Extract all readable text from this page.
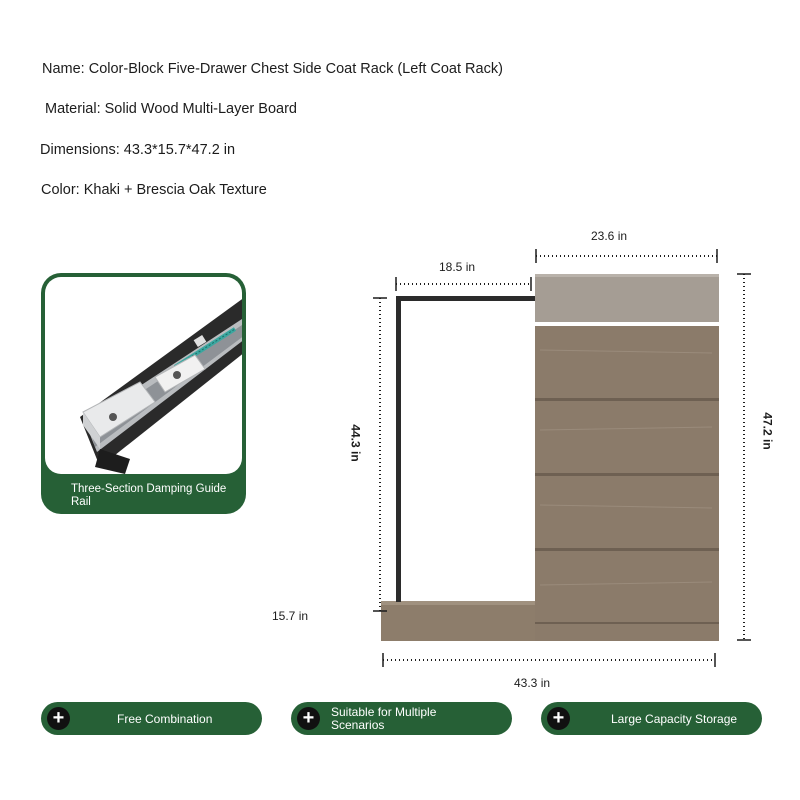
Name: Color-Block Five-Drawer Chest Side Coat Rack (Left Coat Rack)
Material: Solid Wood Multi-Layer Board
Dimensions: 43.3*15.7*47.2 in
Color: Khaki + Brescia Oak Texture
Three-Section Damping Guide Rail
23.6 in
18.5 in
44.3 in	47.2 in
15.7 in
43.3 in
+	Free Combination	+	Suitable for Multiple Scenarios	+	Large Capacity Storage
